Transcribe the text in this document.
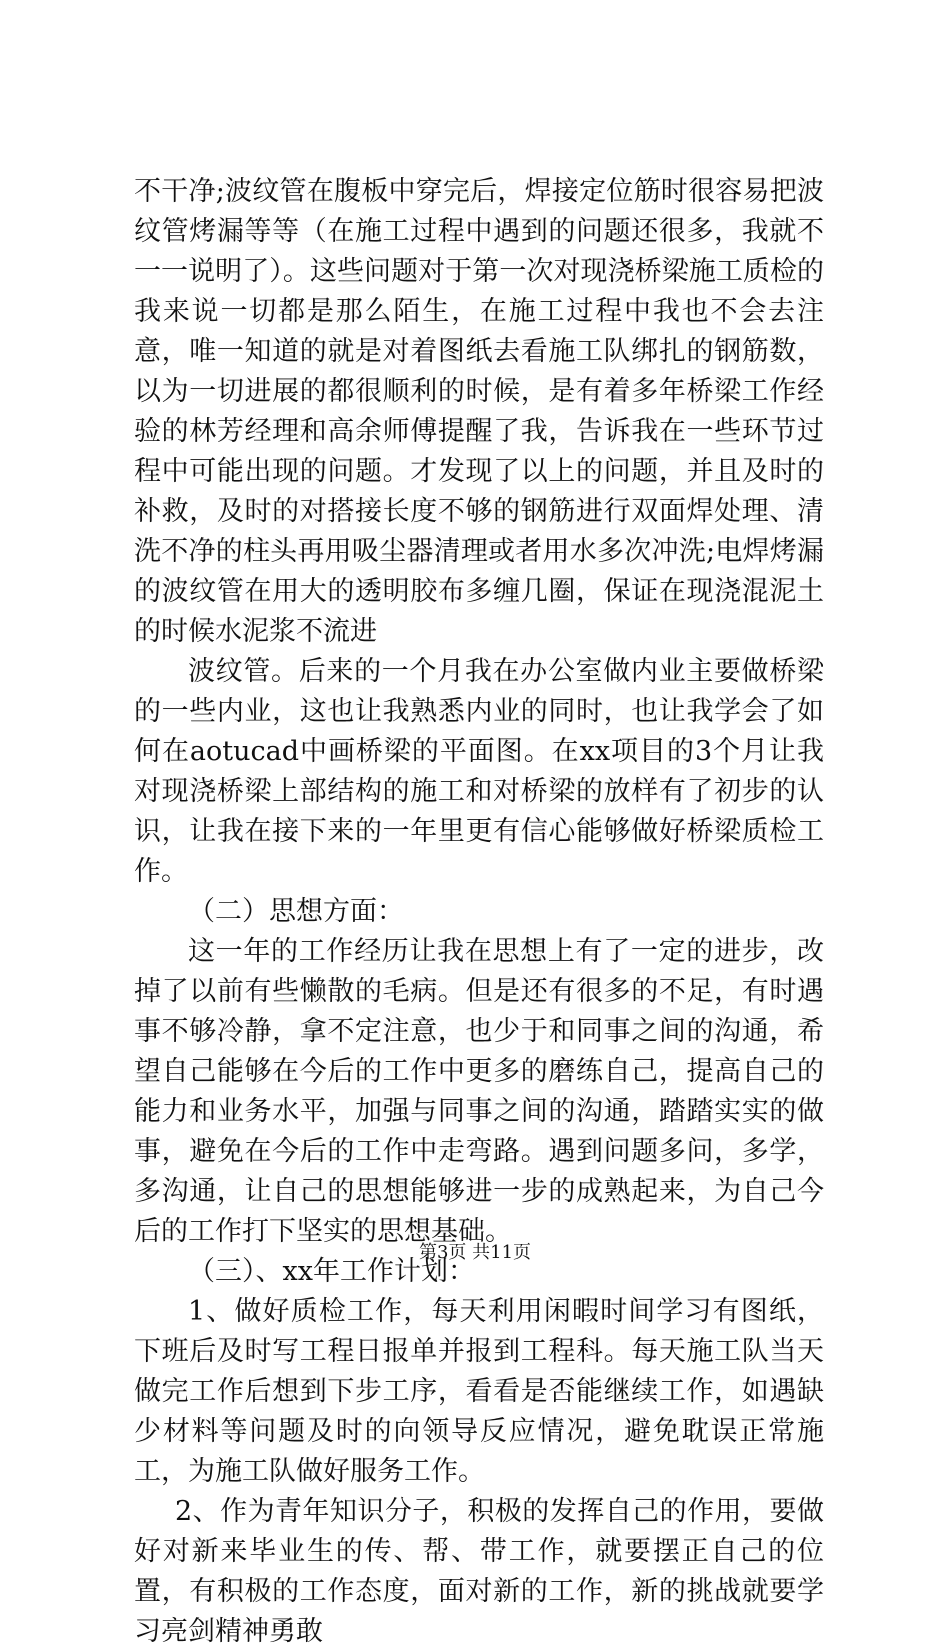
不干净;波纹管在腹板中穿完后，焊接定位筋时很容易把波纹管烤漏等等（在施工过程中遇到的问题还很多，我就不一一说明了）。这些问题对于第一次对现浇桥梁施工质检的我来说一切都是那么陌生，在施工过程中我也不会去注意，唯一知道的就是对着图纸去看施工队绑扎的钢筋数，以为一切进展的都很顺利的时候，是有着多年桥梁工作经验的林芳经理和高余师傅提醒了我，告诉我在一些环节过程中可能出现的问题。才发现了以上的问题，并且及时的补救，及时的对搭接长度不够的钢筋进行双面焊处理、清洗不净的柱头再用吸尘器清理或者用水多次冲洗;电焊烤漏的波纹管在用大的透明胶布多缠几圈，保证在现浇混泥土的时候水泥浆不流进

波纹管。后来的一个月我在办公室做内业主要做桥梁的一些内业，这也让我熟悉内业的同时，也让我学会了如何在aotucad中画桥梁的平面图。在xx项目的3个月让我对现浇桥梁上部结构的施工和对桥梁的放样有了初步的认识，让我在接下来的一年里更有信心能够做好桥梁质检工作。

（二）思想方面：

这一年的工作经历让我在思想上有了一定的进步，改掉了以前有些懒散的毛病。但是还有很多的不足，有时遇事不够冷静，拿不定注意，也少于和同事之间的沟通，希望自己能够在今后的工作中更多的磨练自己，提高自己的能力和业务水平，加强与同事之间的沟通，踏踏实实的做事，避免在今后的工作中走弯路。遇到问题多问，多学，多沟通，让自己的思想能够进一步的成熟起来，为自己今后的工作打下坚实的思想基础。

（三）、xx年工作计划：

1、做好质检工作，每天利用闲暇时间学习有图纸，下班后及时写工程日报单并报到工程科。每天施工队当天做完工作后想到下步工序，看看是否能继续工作，如遇缺少材料等问题及时的向领导反应情况，避免耽误正常施工，为施工队做好服务工作。

2、作为青年知识分子，积极的发挥自己的作用，要做好对新来毕业生的传、帮、带工作，就要摆正自己的位置，有积极的工作态度，面对新的工作，新的挑战就要学习亮剑精神勇敢

第3页 共11页
